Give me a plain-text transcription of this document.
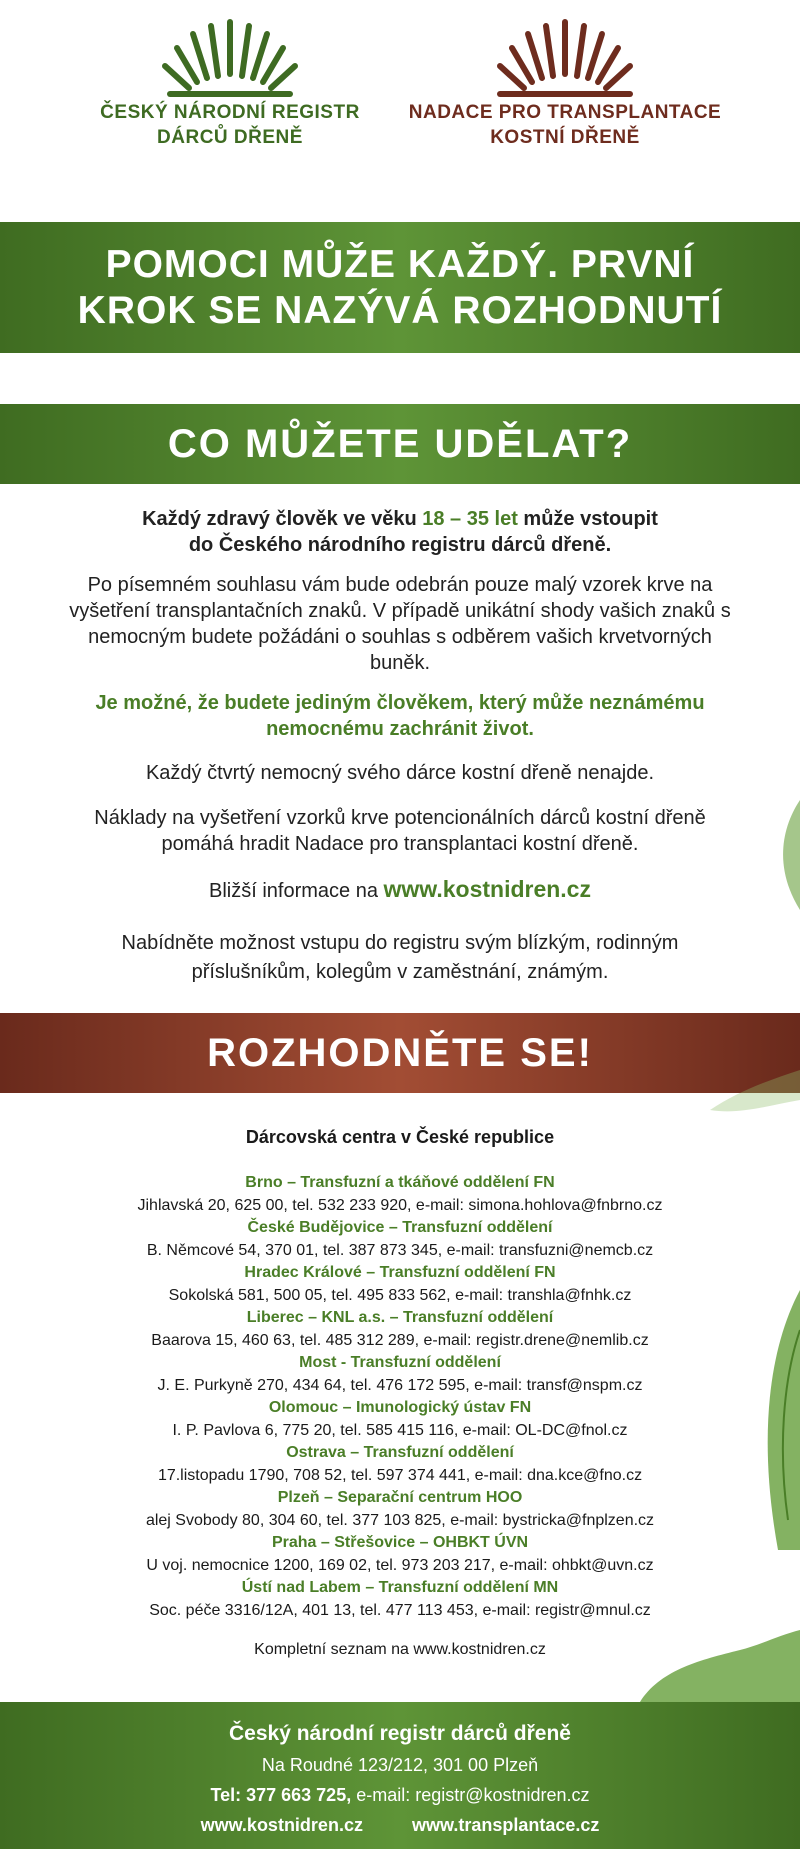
ČESKÝ NÁRODNÍ REGISTR
DÁRCŮ DŘENĚ
NADACE PRO TRANSPLANTACE
KOSTNÍ DŘENĚ
POMOCI MŮŽE KAŽDÝ. PRVNÍ
KROK SE NAZÝVÁ ROZHODNUTÍ
CO MŮŽETE UDĚLAT?
Každý zdravý člověk ve věku 18 – 35 let může vstoupit
do Českého národního registru dárců dřeně.
Po písemném souhlasu vám bude odebrán pouze malý vzorek krve na vyšetření transplantačních znaků. V případě unikátní shody vašich znaků s nemocným budete požádáni o souhlas s odběrem vašich krvetvorných buněk.
Je možné, že budete jediným člověkem, který může neznámému nemocnému zachránit život.
Každý čtvrtý nemocný svého dárce kostní dřeně nenajde.
Náklady na vyšetření vzorků krve potencionálních dárců kostní dřeně pomáhá hradit Nadace pro transplantaci kostní dřeně.
Bližší informace na www.kostnidren.cz
Nabídněte možnost vstupu do registru svým blízkým, rodinným příslušníkům, kolegům v zaměstnání, známým.
ROZHODNĚTE SE!
Dárcovská centra v České republice
Brno – Transfuzní a tkáňové oddělení FN
Jihlavská 20, 625 00, tel. 532 233 920, e-mail: simona.hohlova@fnbrno.cz
České Budějovice – Transfuzní oddělení
B. Němcové 54, 370 01, tel. 387 873 345, e-mail: transfuzni@nemcb.cz
Hradec Králové – Transfuzní oddělení FN
Sokolská 581, 500 05, tel. 495 833 562, e-mail: transhla@fnhk.cz
Liberec – KNL a.s. – Transfuzní oddělení
Baarova 15, 460 63, tel. 485 312 289, e-mail: registr.drene@nemlib.cz
Most - Transfuzní oddělení
J. E. Purkyně 270, 434 64, tel. 476 172 595, e-mail: transf@nspm.cz
Olomouc – Imunologický ústav FN
I. P. Pavlova 6, 775 20, tel. 585 415 116, e-mail: OL-DC@fnol.cz
Ostrava – Transfuzní oddělení
17.listopadu 1790, 708 52, tel. 597 374 441, e-mail: dna.kce@fno.cz
Plzeň – Separační centrum HOO
alej Svobody 80, 304 60, tel. 377 103 825, e-mail: bystricka@fnplzen.cz
Praha – Střešovice – OHBKT ÚVN
U voj. nemocnice 1200, 169 02, tel. 973 203 217, e-mail: ohbkt@uvn.cz
Ústí nad Labem – Transfuzní oddělení MN
Soc. péče 3316/12A, 401 13, tel. 477 113 453, e-mail: registr@mnul.cz
Kompletní seznam na www.kostnidren.cz
Český národní registr dárců dřeně
Na Roudné 123/212, 301 00 Plzeň
Tel: 377 663 725, e-mail: registr@kostnidren.cz
www.kostnidren.cz	www.transplantace.cz
